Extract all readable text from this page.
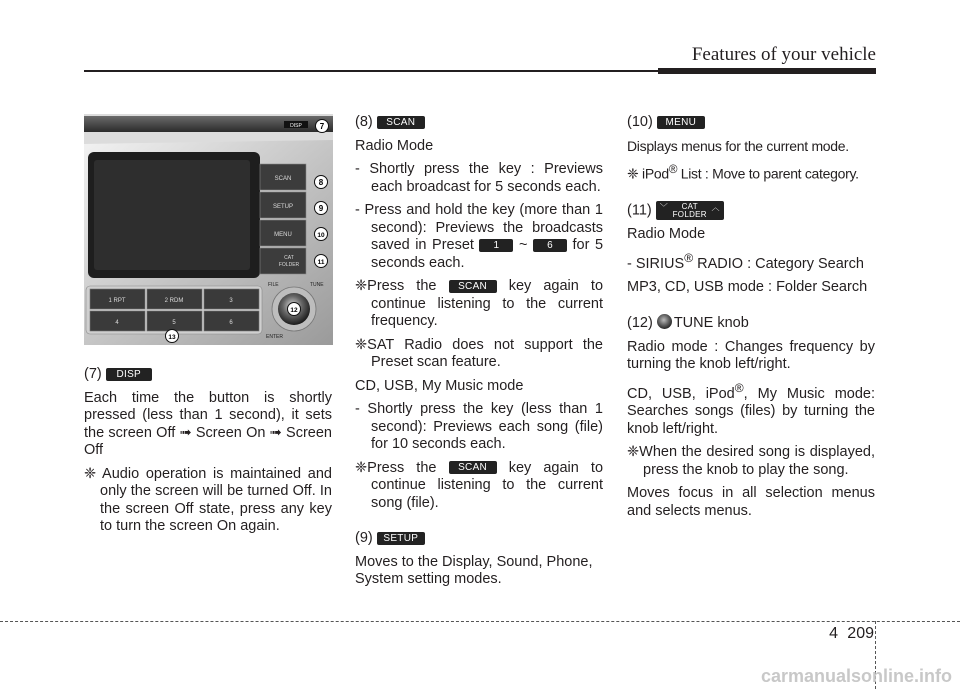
Features of your vehicle
DISP
SCAN
SETUP
MENU
CAT
FOLDER
1 RPT	2 RDM	3
4	5	6
FILE	TUNE
ENTER
7
8
9
10
11
12
13
(7) DISP
Each time the button is shortly pressed (less than 1 second), it sets the screen Off ➟ Screen On ➟ Screen Off
❈ Audio operation is maintained and only the screen will be turned Off. In the screen Off state, press any key to turn the screen On again.
(8) SCAN
Radio Mode
- Shortly press the key : Previews each broadcast for 5 seconds each.
- Press and hold the key (more than 1 second): Previews the broadcasts saved in Preset 1 ~ 6 for 5 seconds each.
❈Press the SCAN key again to continue listening to the current frequency.
❈SAT Radio does not support the Preset scan feature.
CD, USB, My Music mode
- Shortly press the key (less than 1 second): Previews each song (file) for 10 seconds each.
❈Press the SCAN key again to continue listening to the current song (file).
(9) SETUP
Moves to the Display, Sound, Phone, System setting modes.
(10) MENU
Displays menus for the current mode.
❈ iPod® List : Move to parent category.
(11) ﹀ CAT
FOLDER
︿
Radio Mode
- SIRIUS® RADIO : Category Search
MP3, CD, USB mode : Folder Search
(12) TUNE knob
Radio mode : Changes frequency by turning the knob left/right.
CD, USB, iPod®, My Music mode: Searches songs (files) by turning the knob left/right.
❈When the desired song is displayed, press the knob to play the song.
Moves focus in all selection menus and selects menus.
4 209
carmanualsonline.info
